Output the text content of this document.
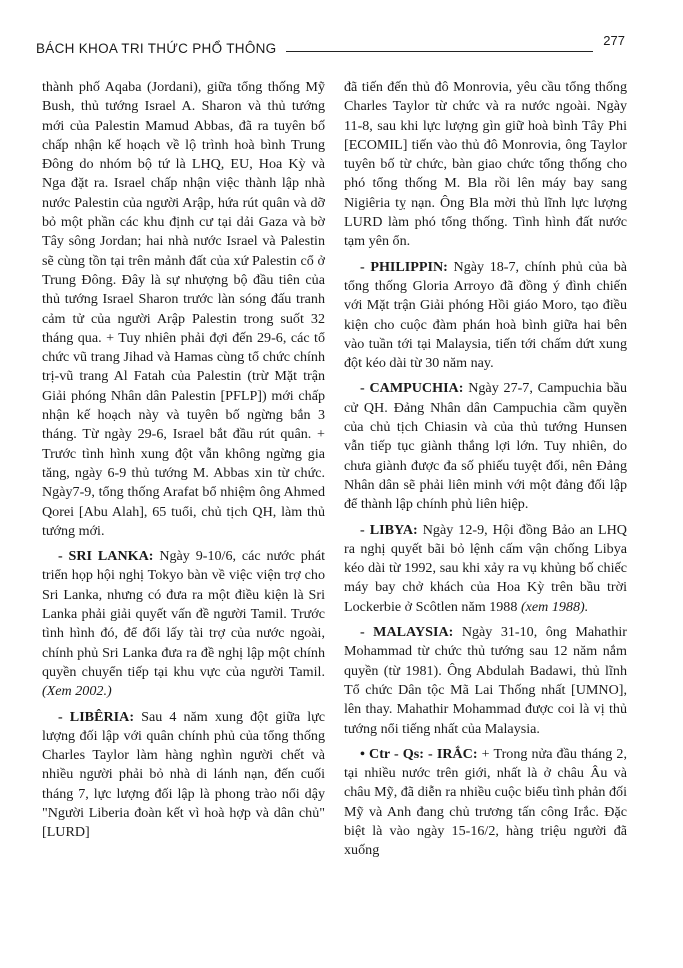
BÁCH KHOA TRI THỨC PHỔ THÔNG
277

thành phố Aqaba (Jordani), giữa tổng thống Mỹ Bush, thủ tướng Israel A. Sharon và thủ tướng mới của Palestin Mamud Abbas, đã ra tuyên bố chấp nhận kế hoạch về lộ trình hoà bình Trung Đông do nhóm bộ tứ là LHQ, EU, Hoa Kỳ và Nga đặt ra. Israel chấp nhận việc thành lập nhà nước Palestin của người Arập, hứa rút quân và dỡ bỏ một phần các khu định cư tại dải Gaza và bờ Tây sông Jordan; hai nhà nước Israel và Palestin sẽ cùng tồn tại trên mảnh đất của xứ Palestin cổ ở Trung Đông. Đây là sự nhượng bộ đầu tiên của thủ tướng Israel Sharon trước làn sóng đấu tranh cảm tử của người Arập Palestin trong suốt 32 tháng qua. + Tuy nhiên phải đợi đến 29-6, các tổ chức vũ trang Jihad và Hamas cùng tổ chức chính trị-vũ trang Al Fatah của Palestin (trừ Mặt trận Giải phóng Nhân dân Palestin [PFLP]) mới chấp nhận kế hoạch này và tuyên bố ngừng bắn 3 tháng. Từ ngày 29-6, Israel bắt đầu rút quân. + Trước tình hình xung đột vẫn không ngừng gia tăng, ngày 6-9 thủ tướng M. Abbas xin từ chức. Ngày7-9, tổng thống Arafat bổ nhiệm ông Ahmed Qorei [Abu Alah], 65 tuổi, chủ tịch QH, làm thủ tướng mới.

- SRI LANKA: Ngày 9-10/6, các nước phát triển họp hội nghị Tokyo bàn về việc viện trợ cho Sri Lanka, nhưng có đưa ra một điều kiện là Sri Lanka phải giải quyết vấn đề người Tamil. Trước tình hình đó, để đổi lấy tài trợ của nước ngoài, chính phủ Sri Lanka đưa ra đề nghị lập một chính quyền chuyển tiếp tại khu vực của người Tamil. (Xem 2002.)

- LIBÊRIA: Sau 4 năm xung đột giữa lực lượng đối lập với quân chính phủ của tổng thống Charles Taylor làm hàng nghìn người chết và nhiều người phải bỏ nhà di lánh nạn, đến cuối tháng 7, lực lượng đối lập là phong trào nổi dậy "Người Liberia đoàn kết vì hoà hợp và dân chủ" [LURD]

đã tiến đến thủ đô Monrovia, yêu cầu tổng thống Charles Taylor từ chức và ra nước ngoài. Ngày 11-8, sau khi lực lượng gìn giữ hoà bình Tây Phi [ECOMIL] tiến vào thủ đô Monrovia, ông Taylor tuyên bố từ chức, bàn giao chức tổng thống cho phó tổng thống M. Bla rồi lên máy bay sang Nigiêria tỵ nạn. Ông Bla mời thủ lĩnh lực lượng LURD làm phó tổng thống. Tình hình đất nước tạm yên ổn.

- PHILIPPIN: Ngày 18-7, chính phủ của bà tổng thống Gloria Arroyo đã đồng ý đình chiến với Mặt trận Giải phóng Hồi giáo Moro, tạo điều kiện cho cuộc đàm phán hoà bình giữa hai bên vào tuần tới tại Malaysia, tiến tới chấm dứt xung đột kéo dài từ 30 năm nay.

- CAMPUCHIA: Ngày 27-7, Campuchia bầu cử QH. Đảng Nhân dân Campuchia cầm quyền của chủ tịch Chiasin và của thủ tướng Hunsen vẫn tiếp tục giành thắng lợi lớn. Tuy nhiên, do chưa giành được đa số phiếu tuyệt đối, nên Đảng Nhân dân sẽ phải liên minh với một đảng đối lập để thành lập chính phủ liên hiệp.

- LIBYA: Ngày 12-9, Hội đồng Bảo an LHQ ra nghị quyết bãi bỏ lệnh cấm vận chống Libya kéo dài từ 1992, sau khi xảy ra vụ khủng bố chiếc máy bay chở khách của Hoa Kỳ trên bầu trời Lockerbie ở Scôtlen năm 1988 (xem 1988).

- MALAYSIA: Ngày 31-10, ông Mahathir Mohammad từ chức thủ tướng sau 12 năm nắm quyền (từ 1981). Ông Abdulah Badawi, thủ lĩnh Tổ chức Dân tộc Mã Lai Thống nhất [UMNO], lên thay. Mahathir Mohammad được coi là vị thủ tướng nổi tiếng nhất của Malaysia.

• Ctr - Qs: - IRẮC: + Trong nửa đầu tháng 2, tại nhiều nước trên giới, nhất là ở châu Âu và châu Mỹ, đã diễn ra nhiều cuộc biểu tình phản đối Mỹ và Anh đang chủ trương tấn công Irắc. Đặc biệt là vào ngày 15-16/2, hàng triệu người đã xuống
